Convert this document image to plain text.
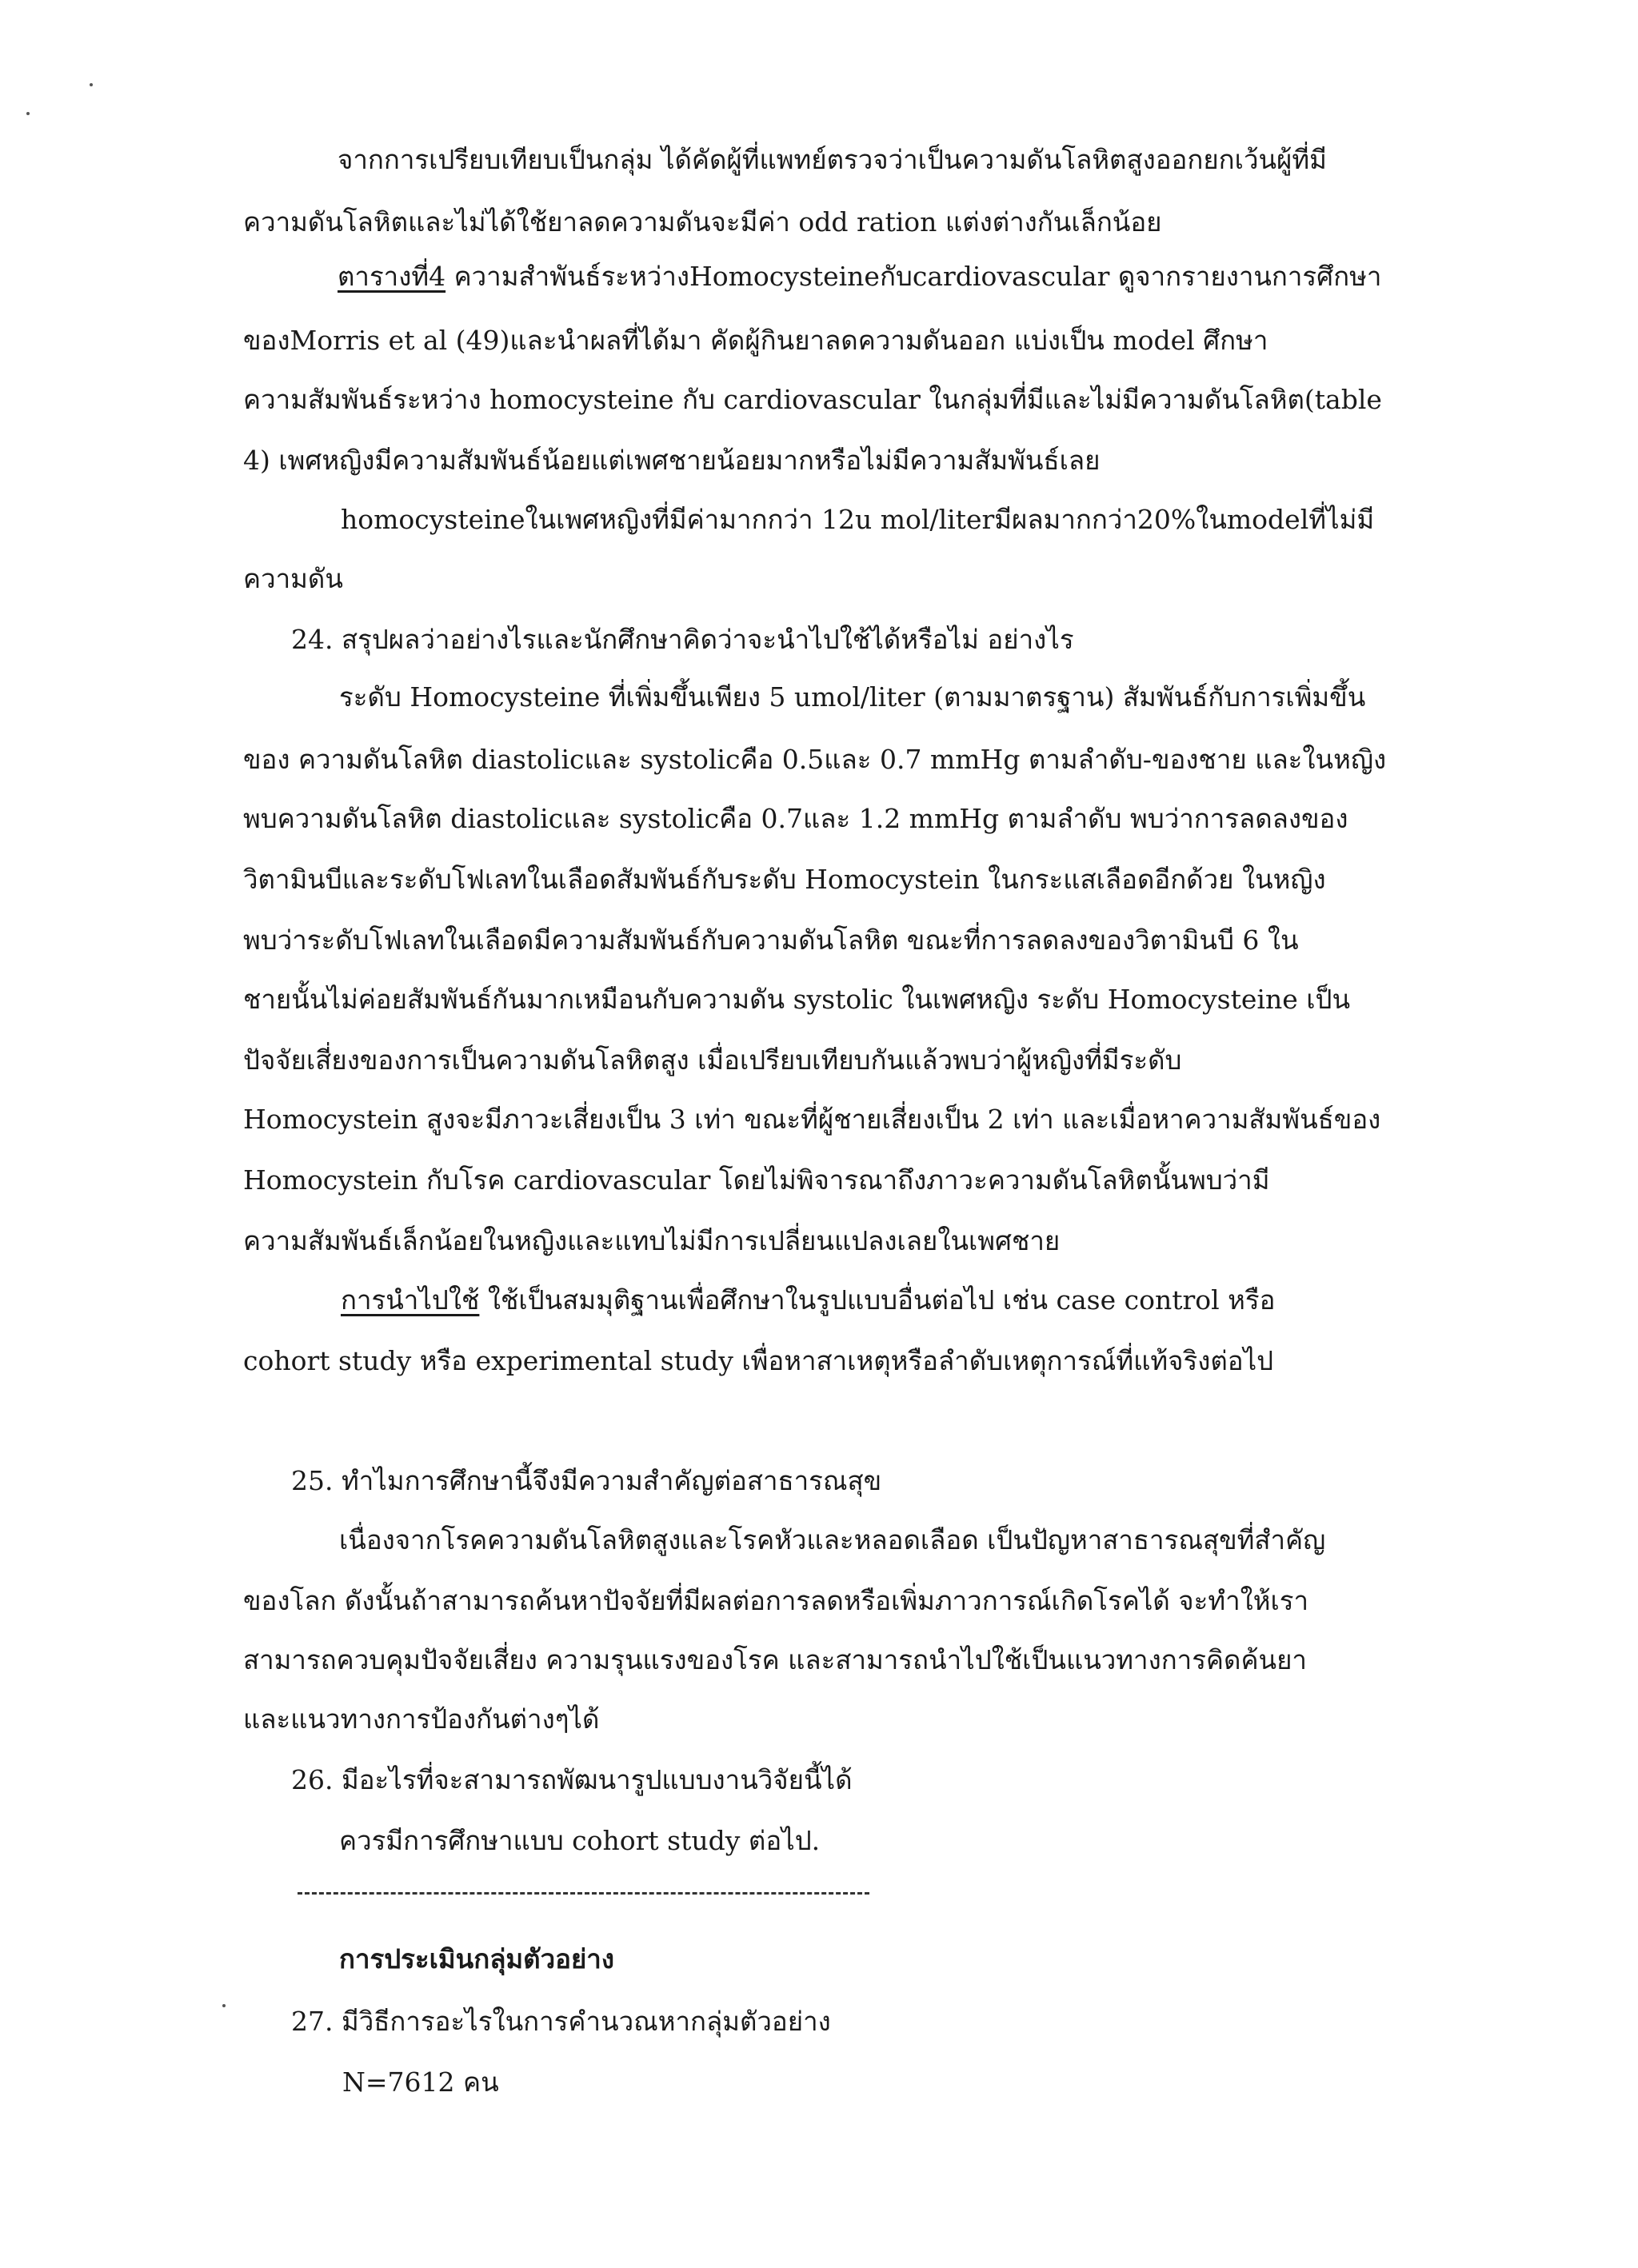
จากการเปรียบเทียบเป็นกลุ่ม ได้คัดผู้ที่แพทย์ตรวจว่าเป็นความดันโลหิตสูงออกยกเว้นผู้ที่มี

ความดันโลหิตและไม่ได้ใช้ยาลดความดันจะมีค่า odd ration แต่งต่างกันเล็กน้อย

ตารางที่4 ความสำพันธ์ระหว่างHomocysteineกับcardiovascular ดูจากรายงานการศึกษา

ของMorris et al (49)และนำผลที่ได้มา คัดผู้กินยาลดความดันออก แบ่งเป็น model ศึกษา

ความสัมพันธ์ระหว่าง homocysteine กับ cardiovascular ในกลุ่มที่มีและไม่มีความดันโลหิต(table

4) เพศหญิงมีความสัมพันธ์น้อยแต่เพศชายน้อยมากหรือไม่มีความสัมพันธ์เลย

homocysteineในเพศหญิงที่มีค่ามากกว่า 12u mol/literมีผลมากกว่า20%ในmodelที่ไม่มี

ความดัน

24. สรุปผลว่าอย่างไรและนักศึกษาคิดว่าจะนำไปใช้ได้หรือไม่ อย่างไร

ระดับ Homocysteine ที่เพิ่มขึ้นเพียง 5 umol/liter (ตามมาตรฐาน) สัมพันธ์กับการเพิ่มขึ้น

ของ ความดันโลหิต diastolicและ systolicคือ 0.5และ 0.7 mmHg ตามลำดับ-ของชาย และในหญิง

พบความดันโลหิต diastolicและ systolicคือ 0.7และ 1.2 mmHg ตามลำดับ พบว่าการลดลงของ

วิตามินบีและระดับโฟเลทในเลือดสัมพันธ์กับระดับ Homocystein ในกระแสเลือดอีกด้วย ในหญิง

พบว่าระดับโฟเลทในเลือดมีความสัมพันธ์กับความดันโลหิต ขณะที่การลดลงของวิตามินบี 6 ใน

ชายนั้นไม่ค่อยสัมพันธ์กันมากเหมือนกับความดัน systolic ในเพศหญิง ระดับ Homocysteine เป็น

ปัจจัยเสี่ยงของการเป็นความดันโลหิตสูง เมื่อเปรียบเทียบกันแล้วพบว่าผู้หญิงที่มีระดับ

Homocystein สูงจะมีภาวะเสี่ยงเป็น 3 เท่า ขณะที่ผู้ชายเสี่ยงเป็น 2 เท่า และเมื่อหาความสัมพันธ์ของ

Homocystein กับโรค cardiovascular โดยไม่พิจารณาถึงภาวะความดันโลหิตนั้นพบว่ามี

ความสัมพันธ์เล็กน้อยในหญิงและแทบไม่มีการเปลี่ยนแปลงเลยในเพศชาย

การนำไปใช้ ใช้เป็นสมมุติฐานเพื่อศึกษาในรูปแบบอื่นต่อไป เช่น case control หรือ

cohort study หรือ experimental study เพื่อหาสาเหตุหรือลำดับเหตุการณ์ที่แท้จริงต่อไป

25. ทำไมการศึกษานี้จึงมีความสำคัญต่อสาธารณสุข

เนื่องจากโรคความดันโลหิตสูงและโรคหัวและหลอดเลือด เป็นปัญหาสาธารณสุขที่สำคัญ

ของโลก ดังนั้นถ้าสามารถค้นหาปัจจัยที่มีผลต่อการลดหรือเพิ่มภาวการณ์เกิดโรคได้ จะทำให้เรา

สามารถควบคุมปัจจัยเสี่ยง ความรุนแรงของโรค และสามารถนำไปใช้เป็นแนวทางการคิดค้นยา

และแนวทางการป้องกันต่างๆได้

26. มีอะไรที่จะสามารถพัฒนารูปแบบงานวิจัยนี้ได้

ควรมีการศึกษาแบบ cohort study ต่อไป.

การประเมินกลุ่มตัวอย่าง

27. มีวิธีการอะไรในการคำนวณหากลุ่มตัวอย่าง

N=7612 คน
